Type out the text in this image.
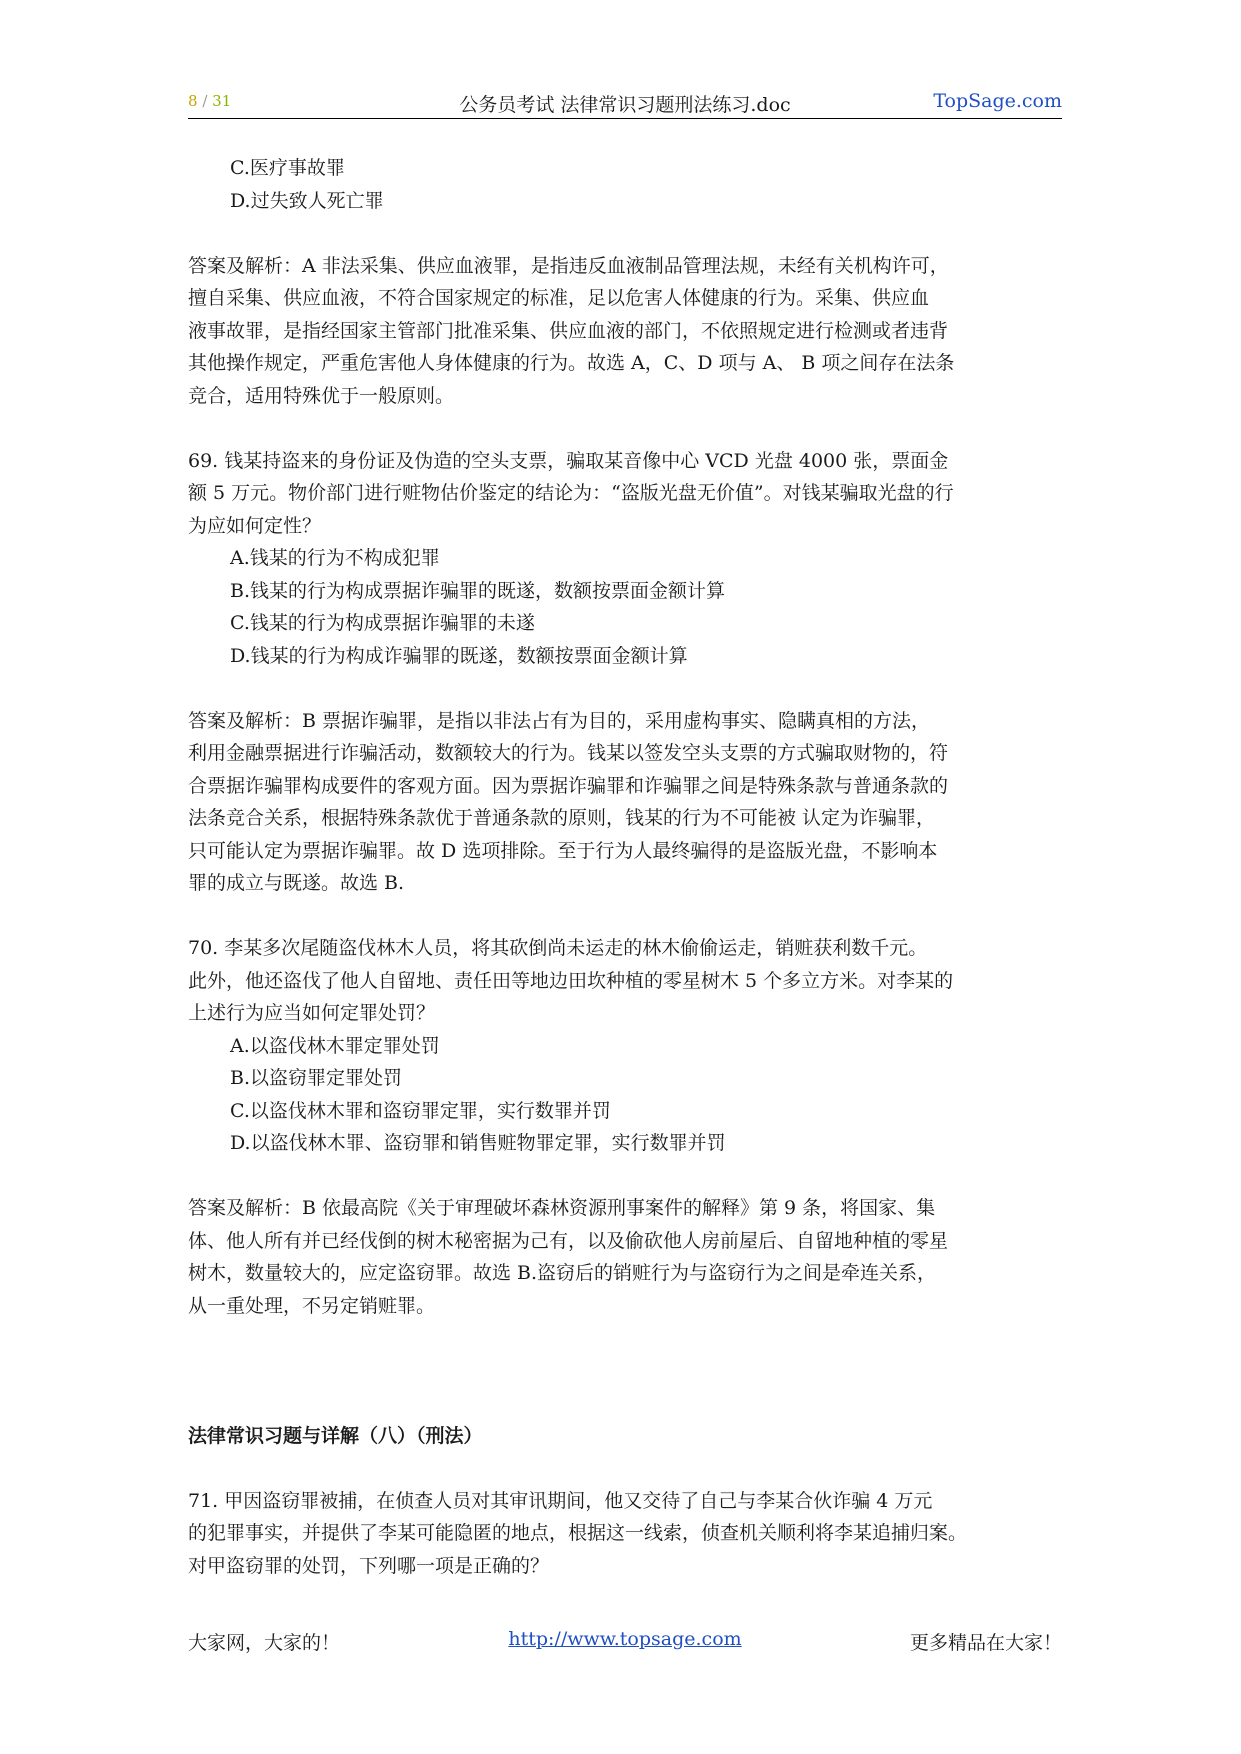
8 / 31	公务员考试 法律常识习题刑法练习.doc	TopSage.com

C.医疗事故罪

D.过失致人死亡罪

答案及解析：A 非法采集、供应血液罪，是指违反血液制品管理法规，未经有关机构许可，

擅自采集、供应血液，不符合国家规定的标准，足以危害人体健康的行为。采集、供应血

液事故罪，是指经国家主管部门批准采集、供应血液的部门，不依照规定进行检测或者违背

其他操作规定，严重危害他人身体健康的行为。故选 A，C、D 项与 A、 B 项之间存在法条

竞合，适用特殊优于一般原则。

69. 钱某持盗来的身份证及伪造的空头支票，骗取某音像中心 VCD 光盘 4000 张，票面金

额 5 万元。物价部门进行赃物估价鉴定的结论为：“盗版光盘无价值”。对钱某骗取光盘的行

为应如何定性？

A.钱某的行为不构成犯罪

B.钱某的行为构成票据诈骗罪的既遂，数额按票面金额计算

C.钱某的行为构成票据诈骗罪的未遂

D.钱某的行为构成诈骗罪的既遂，数额按票面金额计算

答案及解析：B 票据诈骗罪，是指以非法占有为目的，采用虚构事实、隐瞒真相的方法，

利用金融票据进行诈骗活动，数额较大的行为。钱某以签发空头支票的方式骗取财物的，符

合票据诈骗罪构成要件的客观方面。因为票据诈骗罪和诈骗罪之间是特殊条款与普通条款的

法条竞合关系，根据特殊条款优于普通条款的原则，钱某的行为不可能被 认定为诈骗罪，

只可能认定为票据诈骗罪。故 D 选项排除。至于行为人最终骗得的是盗版光盘，不影响本

罪的成立与既遂。故选 B.

70. 李某多次尾随盗伐林木人员，将其砍倒尚未运走的林木偷偷运走，销赃获利数千元。

此外，他还盗伐了他人自留地、责任田等地边田坎种植的零星树木 5 个多立方米。对李某的

上述行为应当如何定罪处罚？

A.以盗伐林木罪定罪处罚

B.以盗窃罪定罪处罚

C.以盗伐林木罪和盗窃罪定罪，实行数罪并罚

D.以盗伐林木罪、盗窃罪和销售赃物罪定罪，实行数罪并罚

答案及解析：B 依最高院《关于审理破坏森林资源刑事案件的解释》第 9 条，将国家、集

体、他人所有并已经伐倒的树木秘密据为己有，以及偷砍他人房前屋后、自留地种植的零星

树木，数量较大的，应定盗窃罪。故选 B.盗窃后的销赃行为与盗窃行为之间是牵连关系，

从一重处理，不另定销赃罪。

法律常识习题与详解（八）（刑法）

71. 甲因盗窃罪被捕，在侦查人员对其审讯期间，他又交待了自己与李某合伙诈骗 4 万元

的犯罪事实，并提供了李某可能隐匿的地点，根据这一线索，侦查机关顺利将李某追捕归案。

对甲盗窃罪的处罚，下列哪一项是正确的？

大家网，大家的！	http://www.topsage.com	更多精品在大家！
